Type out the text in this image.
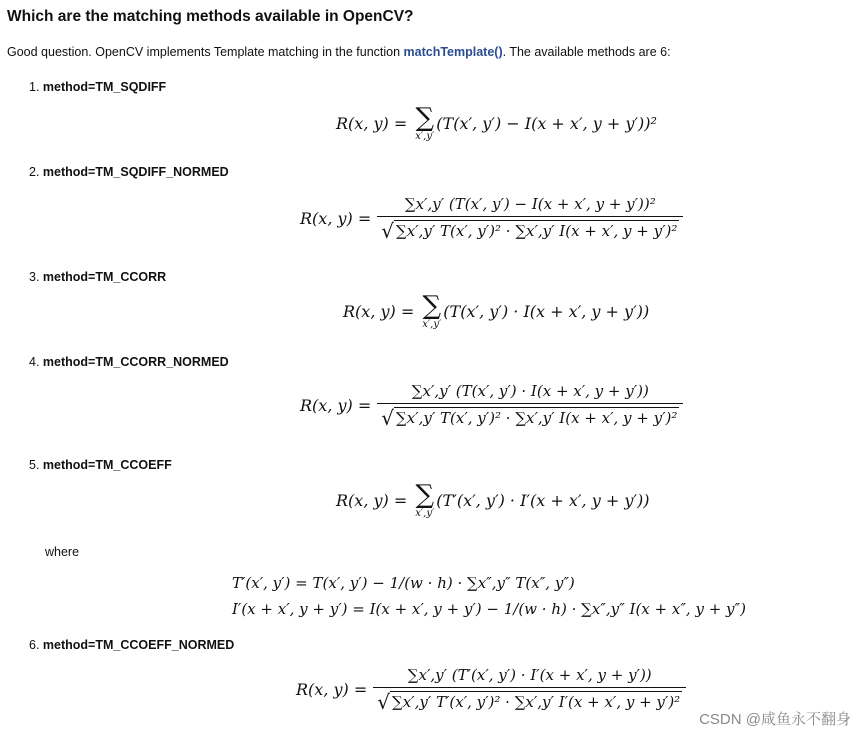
Which are the matching methods available in OpenCV?
Good question. OpenCV implements Template matching in the function matchTemplate(). The available methods are 6:
1. method=TM_SQDIFF
R(x, y) = ∑
x′,y′
(T(x′, y′) − I(x + x′, y + y′))²
2. method=TM_SQDIFF_NORMED
R(x, $y) = \frac{\text{∑x′,y′ (T(x′, y′) − I(x + x′, y + y′))²}}{\text{√ ∑x′,y′ T(x′, y′)² · ∑x′,y′ I(x + x′, y + y′)²}}$
3. method=TM_CCORR
R(x, y) = ∑
x′,y′
(T(x′, y′) · I(x + x′, y + y′))
4. method=TM_CCORR_NORMED
R(x, $y) = \frac{\sum x',y' (T(x', y') \cdot I(x + x', y + y'))}{\text{√ ∑x′,y′ T(x′, y′)² · ∑x′,y′ I(x + x′, y + y′)²}}$
5. method=TM_CCOEFF
R(x, y) = ∑
x′,y′
(T′(x′, y′) · I′(x + x′, y + y′))
where
T′(x′, y′) = T(x′, y′) − 1/(w · h) · ∑x″,y″ T(x″, y″)
I′(x + x′, y + y′) = I(x + x′, y + y′) − 1/(w · h) · ∑x″,y″ I(x + x″, y + y″)
6. method=TM_CCOEFF_NORMED
R(x, $y) = \frac{\sum x',y' (T'(x', y') \cdot I'(x + x', y + y'))}{\text{√ ∑x′,y′ T′(x′, y′)² · ∑x′,y′ I′(x + x′, y + y′)²}}$
CSDN @咸鱼永不翻身
